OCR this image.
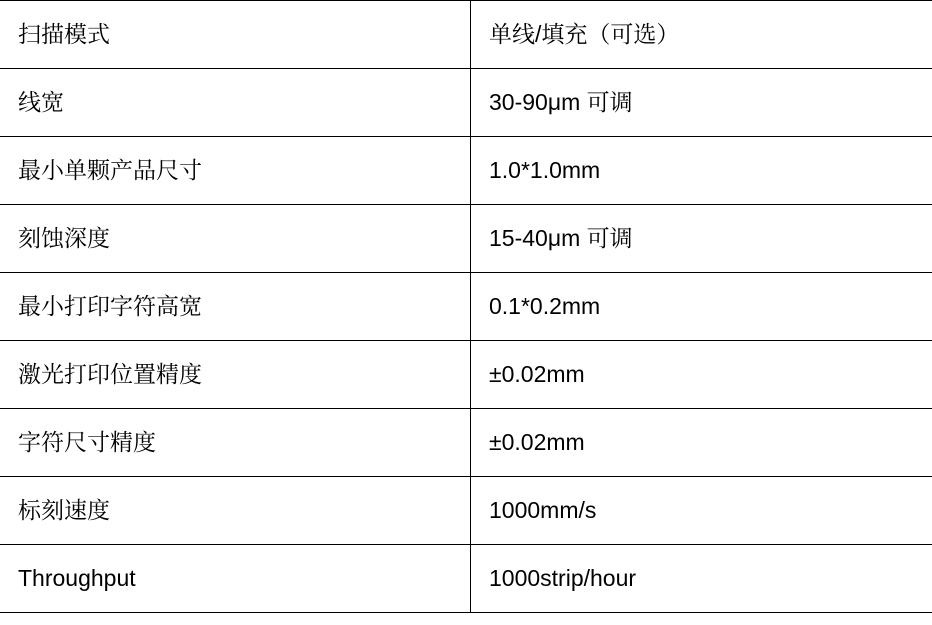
扫描模式	单线/填充（可选）
线宽	30-90μm 可调
最小单颗产品尺寸	1.0*1.0mm
刻蚀深度	15-40μm 可调
最小打印字符高宽	0.1*0.2mm
激光打印位置精度	±0.02mm
字符尺寸精度	±0.02mm
标刻速度	1000mm/s
Throughput	1000strip/hour
